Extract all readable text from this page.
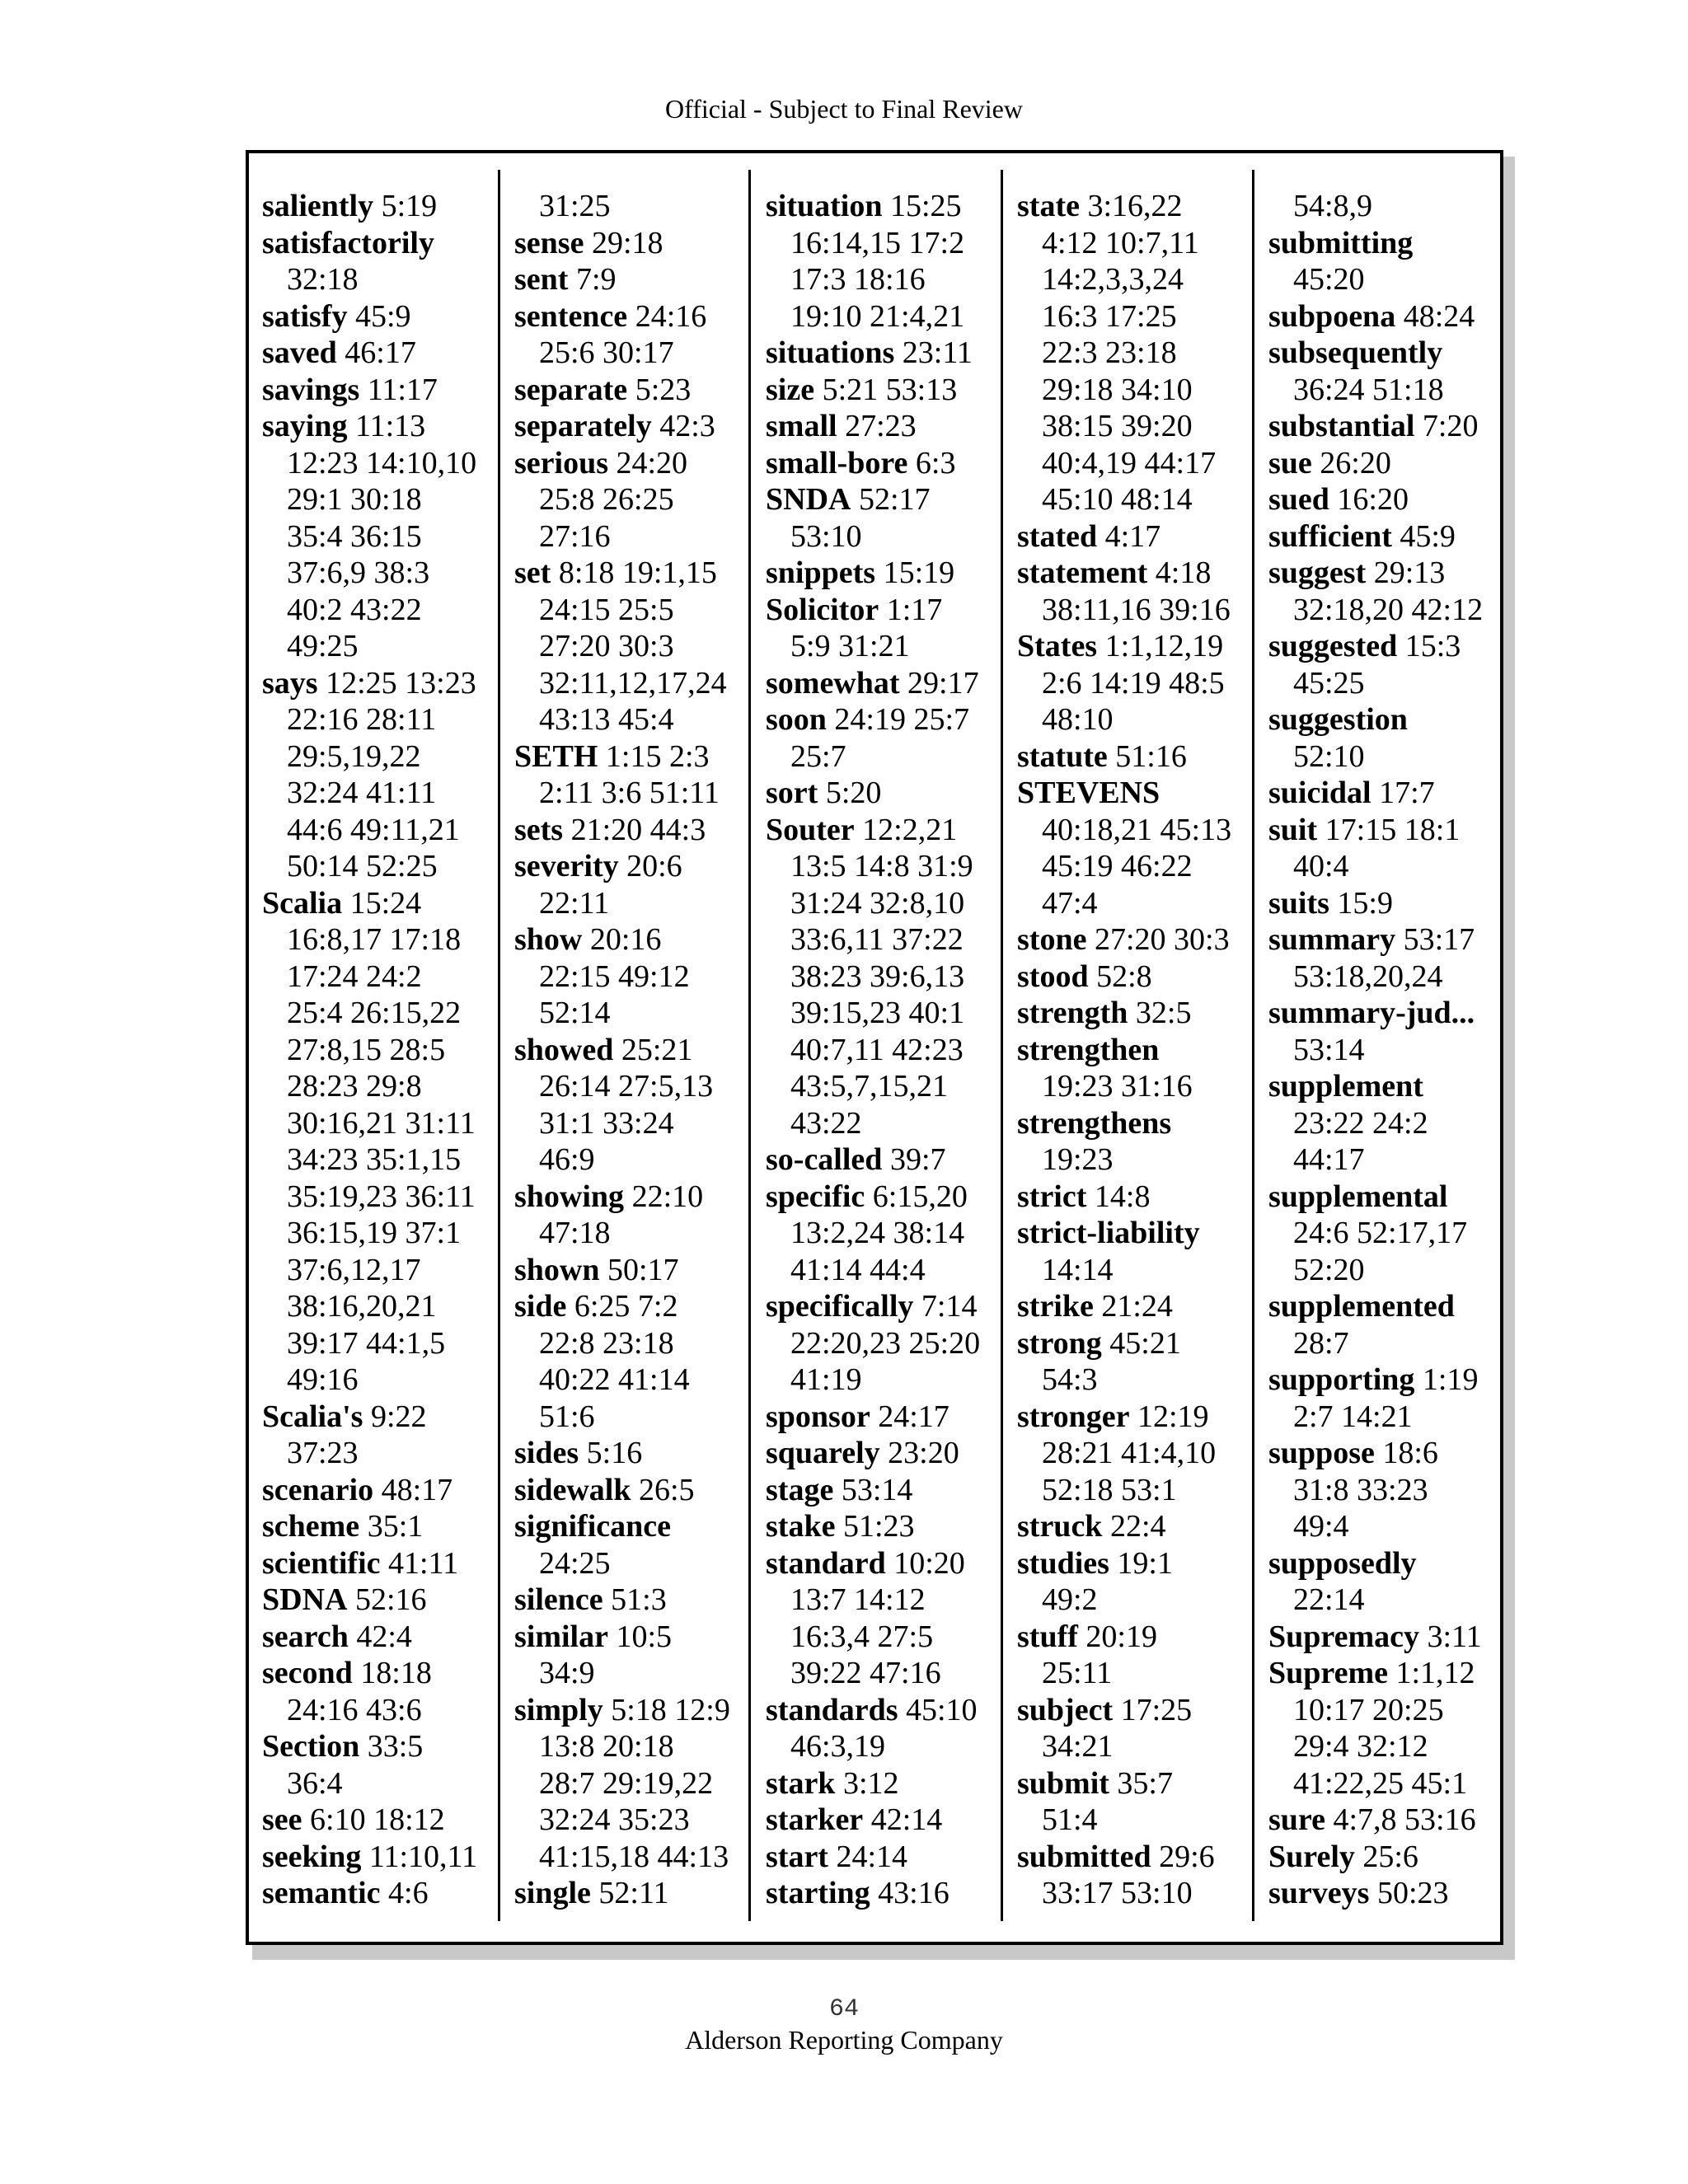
Official - Subject to Final Review
saliently 5:19
satisfactorily
32:18
satisfy 45:9
saved 46:17
savings 11:17
saying 11:13
12:23 14:10,10
29:1 30:18
35:4 36:15
37:6,9 38:3
40:2 43:22
49:25
says 12:25 13:23
22:16 28:11
29:5,19,22
32:24 41:11
44:6 49:11,21
50:14 52:25
Scalia 15:24
16:8,17 17:18
17:24 24:2
25:4 26:15,22
27:8,15 28:5
28:23 29:8
30:16,21 31:11
34:23 35:1,15
35:19,23 36:11
36:15,19 37:1
37:6,12,17
38:16,20,21
39:17 44:1,5
49:16
Scalia's 9:22
37:23
scenario 48:17
scheme 35:1
scientific 41:11
SDNA 52:16
search 42:4
second 18:18
24:16 43:6
Section 33:5
36:4
see 6:10 18:12
seeking 11:10,11
semantic 4:6
31:25
sense 29:18
sent 7:9
sentence 24:16
25:6 30:17
separate 5:23
separately 42:3
serious 24:20
25:8 26:25
27:16
set 8:18 19:1,15
24:15 25:5
27:20 30:3
32:11,12,17,24
43:13 45:4
SETH 1:15 2:3
2:11 3:6 51:11
sets 21:20 44:3
severity 20:6
22:11
show 20:16
22:15 49:12
52:14
showed 25:21
26:14 27:5,13
31:1 33:24
46:9
showing 22:10
47:18
shown 50:17
side 6:25 7:2
22:8 23:18
40:22 41:14
51:6
sides 5:16
sidewalk 26:5
significance
24:25
silence 51:3
similar 10:5
34:9
simply 5:18 12:9
13:8 20:18
28:7 29:19,22
32:24 35:23
41:15,18 44:13
single 52:11
situation 15:25
16:14,15 17:2
17:3 18:16
19:10 21:4,21
situations 23:11
size 5:21 53:13
small 27:23
small-bore 6:3
SNDA 52:17
53:10
snippets 15:19
Solicitor 1:17
5:9 31:21
somewhat 29:17
soon 24:19 25:7
25:7
sort 5:20
Souter 12:2,21
13:5 14:8 31:9
31:24 32:8,10
33:6,11 37:22
38:23 39:6,13
39:15,23 40:1
40:7,11 42:23
43:5,7,15,21
43:22
so-called 39:7
specific 6:15,20
13:2,24 38:14
41:14 44:4
specifically 7:14
22:20,23 25:20
41:19
sponsor 24:17
squarely 23:20
stage 53:14
stake 51:23
standard 10:20
13:7 14:12
16:3,4 27:5
39:22 47:16
standards 45:10
46:3,19
stark 3:12
starker 42:14
start 24:14
starting 43:16
state 3:16,22
4:12 10:7,11
14:2,3,3,24
16:3 17:25
22:3 23:18
29:18 34:10
38:15 39:20
40:4,19 44:17
45:10 48:14
stated 4:17
statement 4:18
38:11,16 39:16
States 1:1,12,19
2:6 14:19 48:5
48:10
statute 51:16
STEVENS
40:18,21 45:13
45:19 46:22
47:4
stone 27:20 30:3
stood 52:8
strength 32:5
strengthen
19:23 31:16
strengthens
19:23
strict 14:8
strict-liability
14:14
strike 21:24
strong 45:21
54:3
stronger 12:19
28:21 41:4,10
52:18 53:1
struck 22:4
studies 19:1
49:2
stuff 20:19
25:11
subject 17:25
34:21
submit 35:7
51:4
submitted 29:6
33:17 53:10
54:8,9
submitting
45:20
subpoena 48:24
subsequently
36:24 51:18
substantial 7:20
sue 26:20
sued 16:20
sufficient 45:9
suggest 29:13
32:18,20 42:12
suggested 15:3
45:25
suggestion
52:10
suicidal 17:7
suit 17:15 18:1
40:4
suits 15:9
summary 53:17
53:18,20,24
summary-jud...
53:14
supplement
23:22 24:2
44:17
supplemental
24:6 52:17,17
52:20
supplemented
28:7
supporting 1:19
2:7 14:21
suppose 18:6
31:8 33:23
49:4
supposedly
22:14
Supremacy 3:11
Supreme 1:1,12
10:17 20:25
29:4 32:12
41:22,25 45:1
sure 4:7,8 53:16
Surely 25:6
surveys 50:23
64
Alderson Reporting Company
